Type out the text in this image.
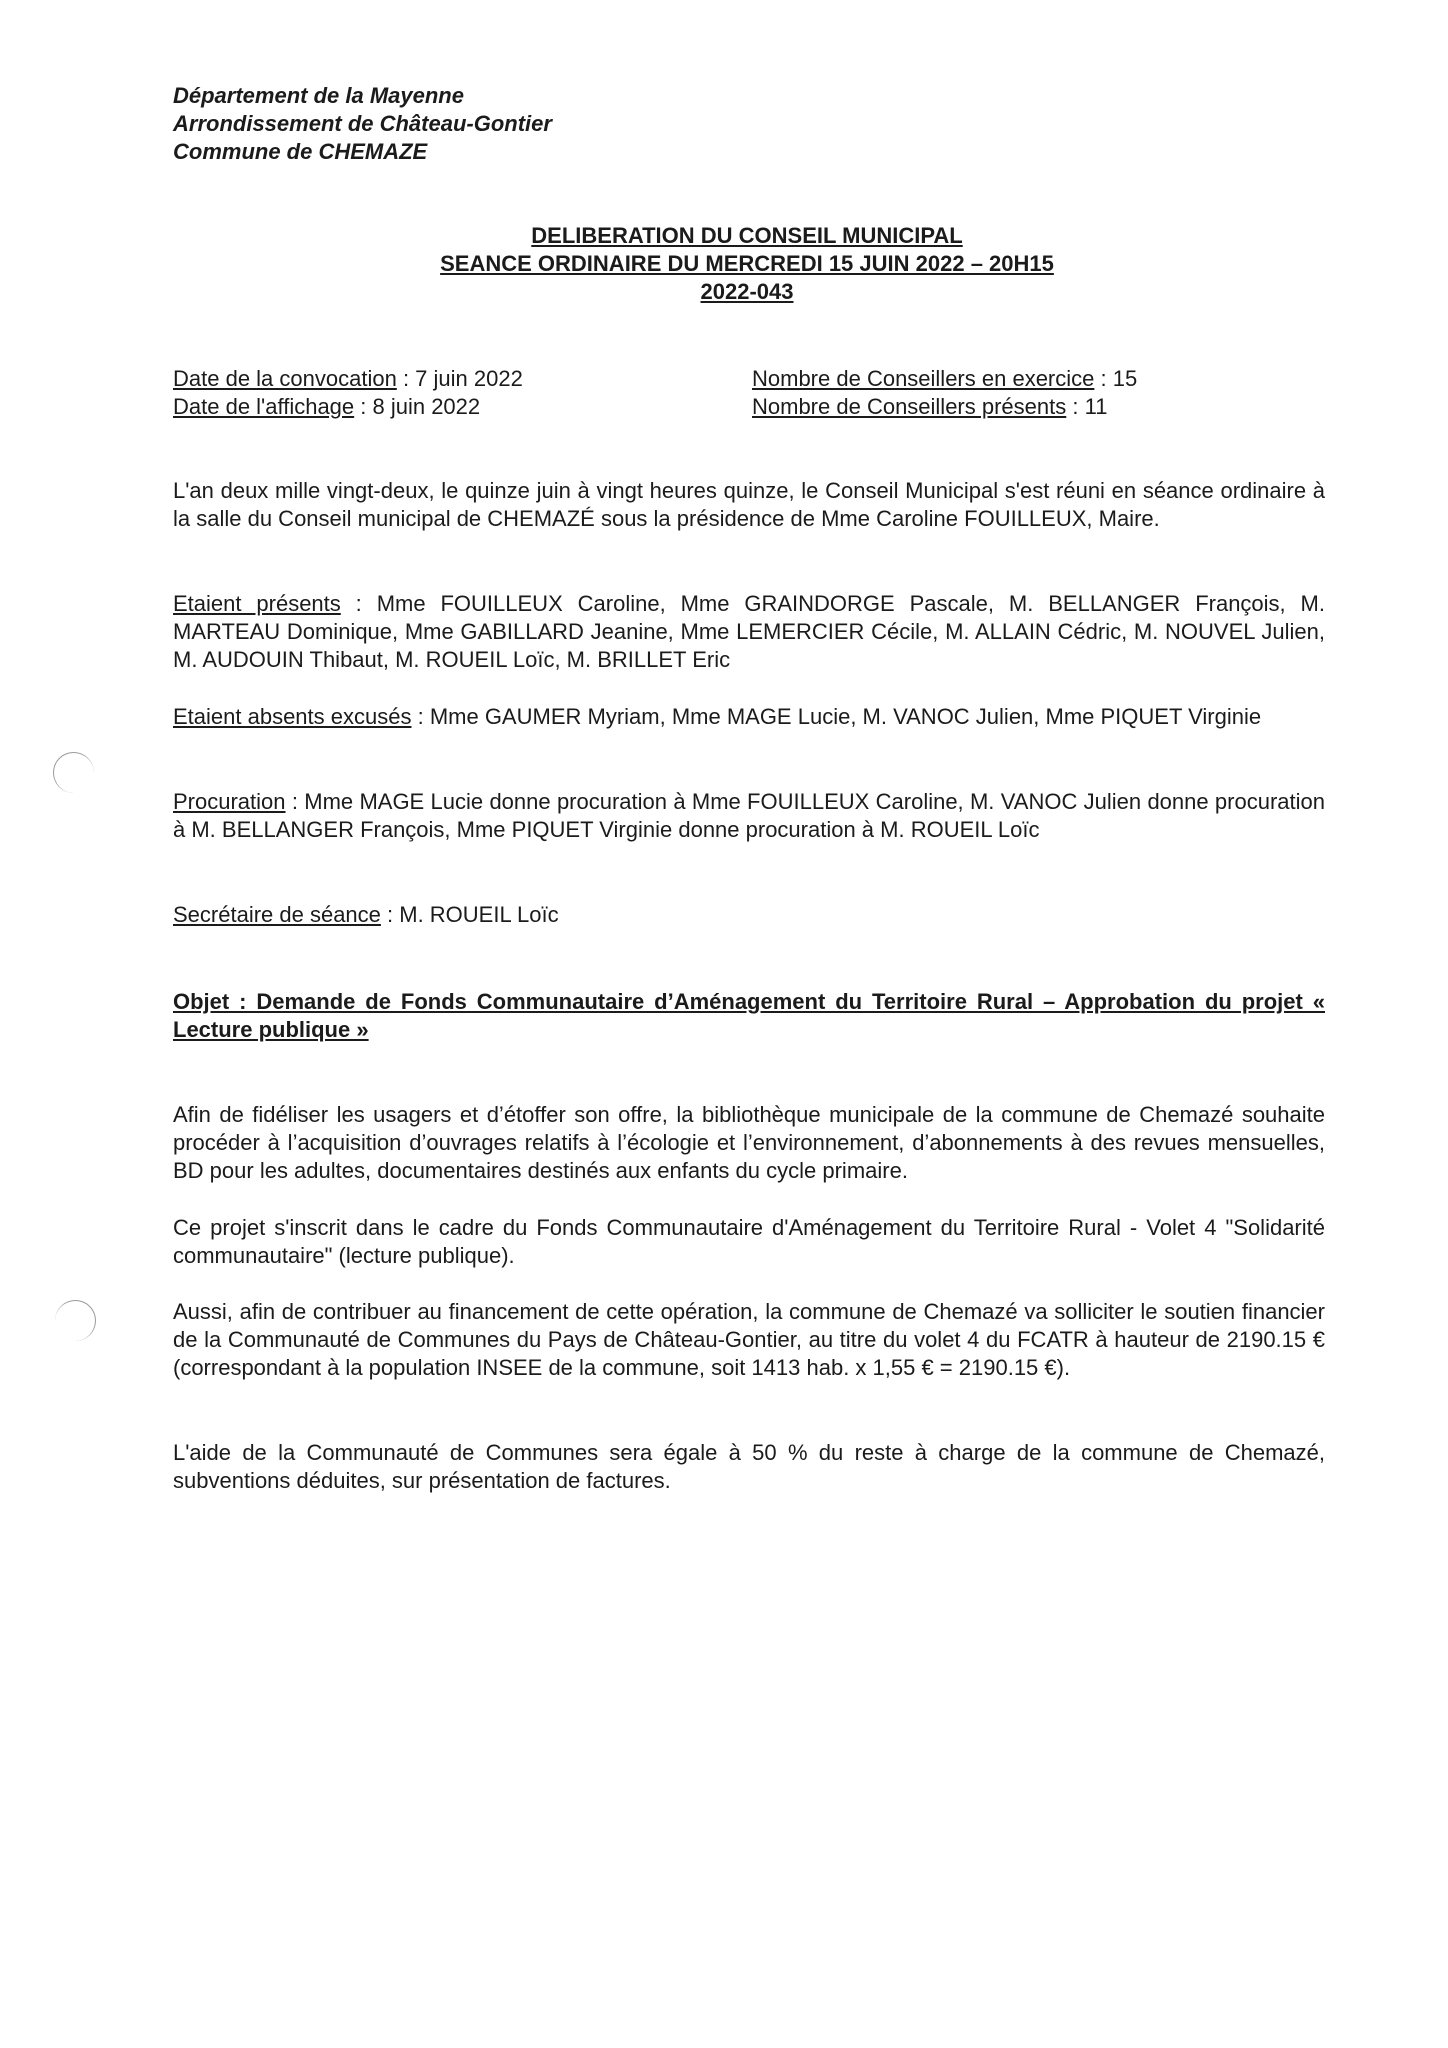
Département de la Mayenne
Arrondissement de Château-Gontier
Commune de CHEMAZE
DELIBERATION DU CONSEIL MUNICIPAL
SEANCE ORDINAIRE DU MERCREDI 15 JUIN 2022 – 20H15
2022-043
Date de la convocation : 7 juin 2022
Date de l'affichage : 8 juin 2022
Nombre de Conseillers en exercice : 15
Nombre de Conseillers présents : 11
L'an deux mille vingt-deux, le quinze juin à vingt heures quinze, le Conseil Municipal s'est réuni en séance ordinaire à la salle du Conseil municipal de CHEMAZÉ sous la présidence de Mme Caroline FOUILLEUX, Maire.
Etaient présents : Mme FOUILLEUX Caroline, Mme GRAINDORGE Pascale, M. BELLANGER François, M. MARTEAU Dominique, Mme GABILLARD Jeanine, Mme LEMERCIER Cécile, M. ALLAIN Cédric, M. NOUVEL Julien, M. AUDOUIN Thibaut, M. ROUEIL Loïc, M. BRILLET Eric
Etaient absents excusés : Mme GAUMER Myriam, Mme MAGE Lucie, M. VANOC Julien, Mme PIQUET Virginie
Procuration : Mme MAGE Lucie donne procuration à Mme FOUILLEUX Caroline, M. VANOC Julien donne procuration à M. BELLANGER François, Mme PIQUET Virginie donne procuration à M. ROUEIL Loïc
Secrétaire de séance : M. ROUEIL Loïc
Objet : Demande de Fonds Communautaire d’Aménagement du Territoire Rural – Approbation du projet « Lecture publique »
Afin de fidéliser les usagers et d’étoffer son offre, la bibliothèque municipale de la commune de Chemazé souhaite procéder à l’acquisition d’ouvrages relatifs à l’écologie et l’environnement, d’abonnements à des revues mensuelles, BD pour les adultes, documentaires destinés aux enfants du cycle primaire.
Ce projet s'inscrit dans le cadre du Fonds Communautaire d'Aménagement du Territoire Rural - Volet 4 "Solidarité communautaire" (lecture publique).
Aussi, afin de contribuer au financement de cette opération, la commune de Chemazé va solliciter le soutien financier de la Communauté de Communes du Pays de Château-Gontier, au titre du volet 4 du FCATR à hauteur de 2190.15 € (correspondant à la population INSEE de la commune, soit 1413 hab. x 1,55 € = 2190.15 €).
L'aide de la Communauté de Communes sera égale à 50 % du reste à charge de la commune de Chemazé, subventions déduites, sur présentation de factures.
